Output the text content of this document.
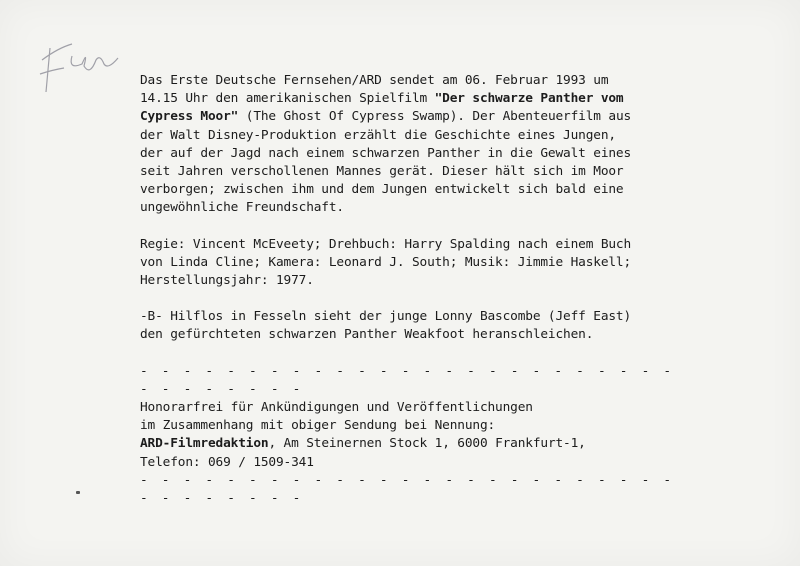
Das Erste Deutsche Fernsehen/ARD sendet am 06. Februar 1993 um
14.15 Uhr den amerikanischen Spielfilm "Der schwarze Panther vom
Cypress Moor" (The Ghost Of Cypress Swamp). Der Abenteuerfilm aus
der Walt Disney-Produktion erzählt die Geschichte eines Jungen,
der auf der Jagd nach einem schwarzen Panther in die Gewalt eines
seit Jahren verschollenen Mannes gerät. Dieser hält sich im Moor
verborgen; zwischen ihm und dem Jungen entwickelt sich bald eine
ungewöhnliche Freundschaft.

Regie: Vincent McEveety; Drehbuch: Harry Spalding nach einem Buch
von Linda Cline; Kamera: Leonard J. South; Musik: Jimmie Haskell;
Herstellungsjahr: 1977.

-B- Hilflos in Fesseln sieht der junge Lonny Bascombe (Jeff East)
den gefürchteten schwarzen Panther Weakfoot heranschleichen.

- - - - - - - - - - - - - - - - - - - - - - - - - - - - - - - - -

Honorarfrei für Ankündigungen und Veröffentlichungen
im Zusammenhang mit obiger Sendung bei Nennung:
ARD-Filmredaktion, Am Steinernen Stock 1, 6000 Frankfurt-1,
Telefon: 069 / 1509-341

- - - - - - - - - - - - - - - - - - - - - - - - - - - - - - - - -
